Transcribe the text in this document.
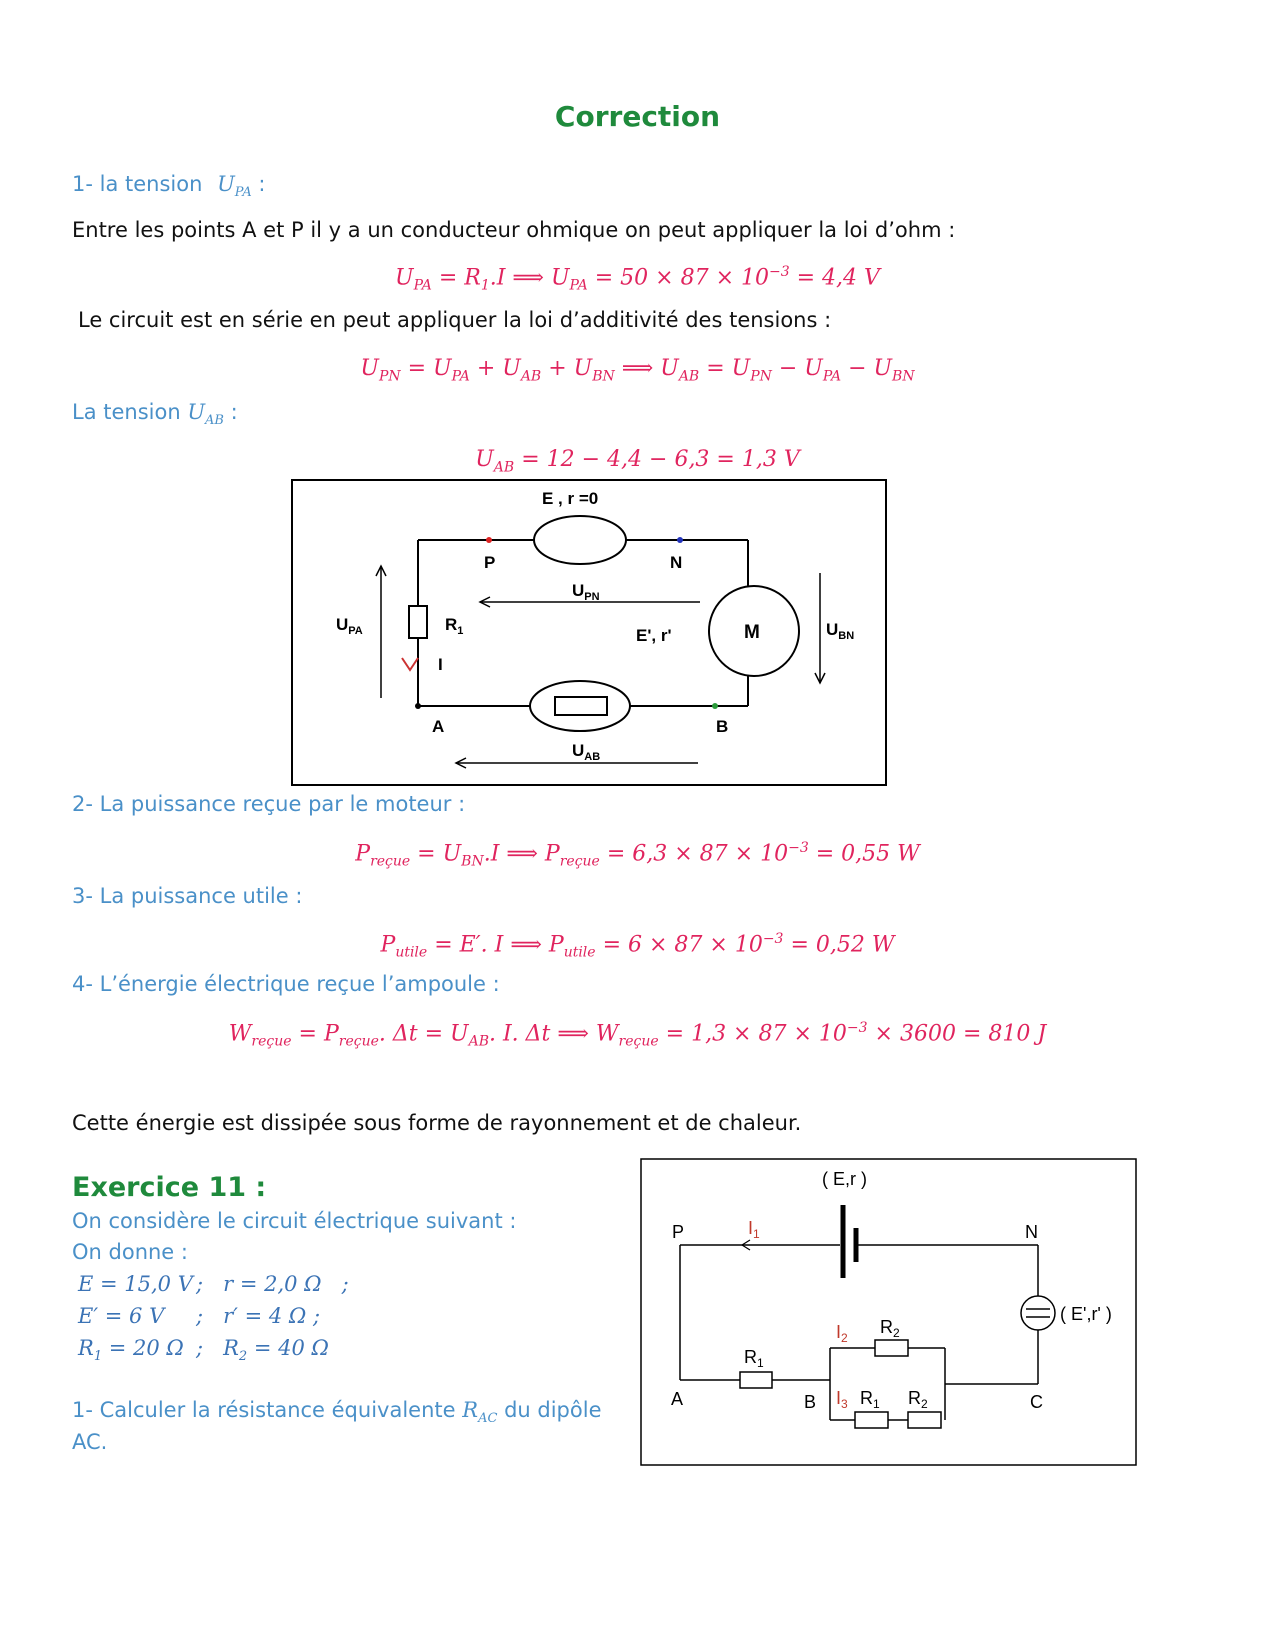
Correction
1- la tension $U_{PA}$ :
Entre les points A et P il y a un conducteur ohmique on peut appliquer la loi d’ohm :
$U_{PA} = R_1.I$ ⟹ $U_{PA} = 50 \times 87 \times 10^{-3} = 4,4$ V
Le circuit est en série en peut appliquer la loi d’additivité des tensions :
$U_{PN} = U_{PA} + U_{AB} + U_{BN}$ ⟹ $U_{AB} = U_{PN} - U_{PA} - U_{BN}$
La tension $U_{AB}$ :
$U_{AB} = 12 - 4,4 - 6,3 = 1,3$ V
E , r =0
P	N
$R_1$
I
A	B
M
E', r'
$U_{PN}$
$U_{PA}$	$U_{BN}$
$U_{AB}$
2- La puissance reçue par le moteur :
$P_{reçue} = U_{BN}.I$ ⟹ $P_{reçue} = 6,3 \times 87 \times 10^{-3} = 0,55$ W
3- La puissance utile :
$P_{utile} = E'$. I ⟹ $P_{utile} = 6 \times 87 \times 10^{-3} = 0,52$ W
4- L’énergie électrique reçue l’ampoule :
$W_{reçue} = P_{reçue}$. $\Delta t = U_{AB}$. I. Δt ⟹ $W_{reçue} = 1,3 \times 87 \times 10^{-3} \times 3600 = 810$ J
Cette énergie est dissipée sous forme de rayonnement et de chaleur.
Exercice 11 :
On considère le circuit électrique suivant :
On donne :
E = 15,0 V ;   r = 2,0 Ω   ;
E′ = 6 V ;   r′ = 4 Ω ;
$R_1 = 20$ Ω ;   $R_2 = 40$ Ω
1- Calculer la résistance équivalente $R_{AC}$ du dipôle
AC.
( E,r )
$I_1$
P	N
A
$R_1$
B
$R_2$
$I_2$
$R_1$ $R_2$
$I_3$
( E',r' )
C
